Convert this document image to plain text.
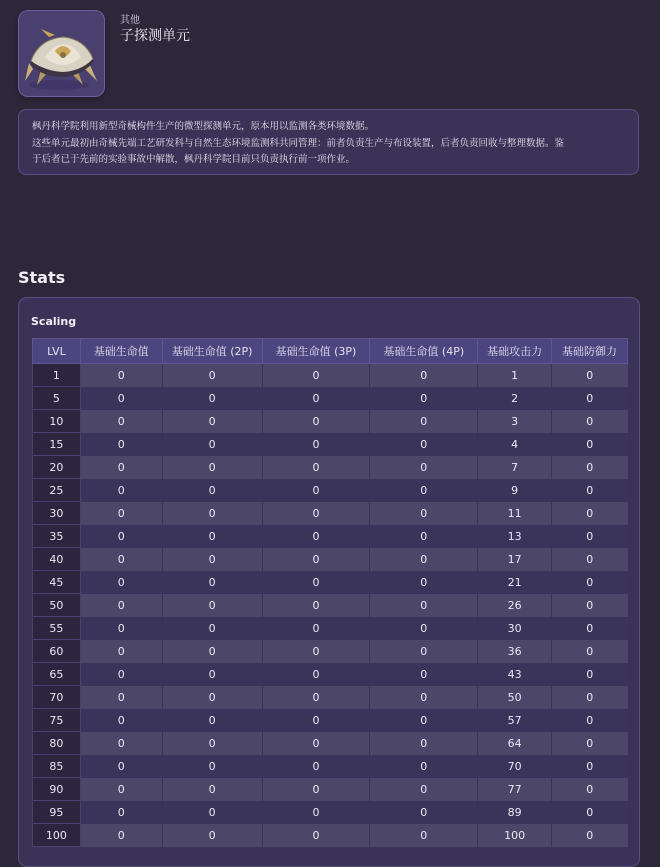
其他
子探测单元

枫丹科学院利用新型奇械构件生产的微型探测单元，原本用以监测各类环境数据。

这些单元最初由奇械先端工艺研发科与自然生态环境监测科共同管理：前者负责生产与布设装置，后者负责回收与整理数据。鉴

于后者已于先前的实验事故中解散，枫丹科学院目前只负责执行前一项作业。

Stats
Scaling
LVL	基础生命值	基础生命值 (2P)	基础生命值 (3P)	基础生命值 (4P)	基础攻击力	基础防御力
1	0	0	0	0	1	0
5	0	0	0	0	2	0
10	0	0	0	0	3	0
15	0	0	0	0	4	0
20	0	0	0	0	7	0
25	0	0	0	0	9	0
30	0	0	0	0	11	0
35	0	0	0	0	13	0
40	0	0	0	0	17	0
45	0	0	0	0	21	0
50	0	0	0	0	26	0
55	0	0	0	0	30	0
60	0	0	0	0	36	0
65	0	0	0	0	43	0
70	0	0	0	0	50	0
75	0	0	0	0	57	0
80	0	0	0	0	64	0
85	0	0	0	0	70	0
90	0	0	0	0	77	0
95	0	0	0	0	89	0
100	0	0	0	0	100	0
